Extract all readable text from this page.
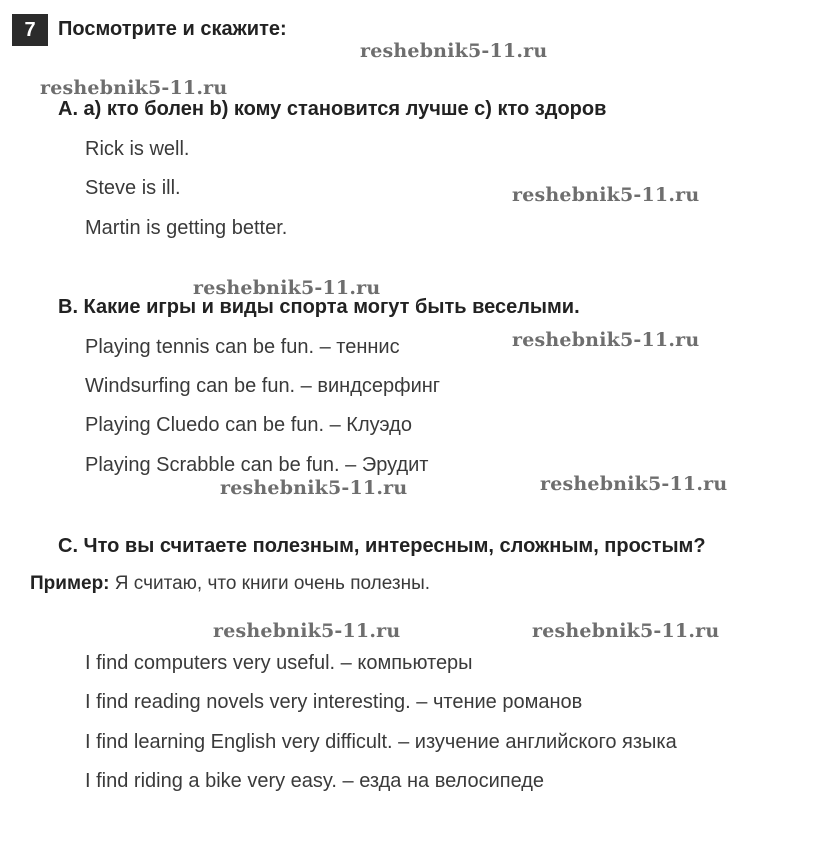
7	Посмотрите и скажите:
reshebnik5-11.ru
reshebnik5-11.ru
reshebnik5-11.ru
reshebnik5-11.ru
reshebnik5-11.ru
reshebnik5-11.ru	reshebnik5-11.ru
reshebnik5-11.ru	reshebnik5-11.ru
A. a) кто болен b) кому становится лучше c) кто здоров
Rick is well.
Steve is ill.
Martin is getting better.
B. Какие игры и виды спорта могут быть веселыми.
Playing tennis can be fun. – теннис
Windsurfing can be fun. – виндсерфинг
Playing Cluedo can be fun. – Клуэдо
Playing Scrabble can be fun. – Эрудит
C. Что вы считаете полезным, интересным, сложным, простым?
Пример: Я считаю, что книги очень полезны.
I find computers very useful. – компьютеры
I find reading novels very interesting. – чтение романов
I find learning English very difficult. – изучение английского языка
I find riding a bike very easy. – езда на велосипеде
